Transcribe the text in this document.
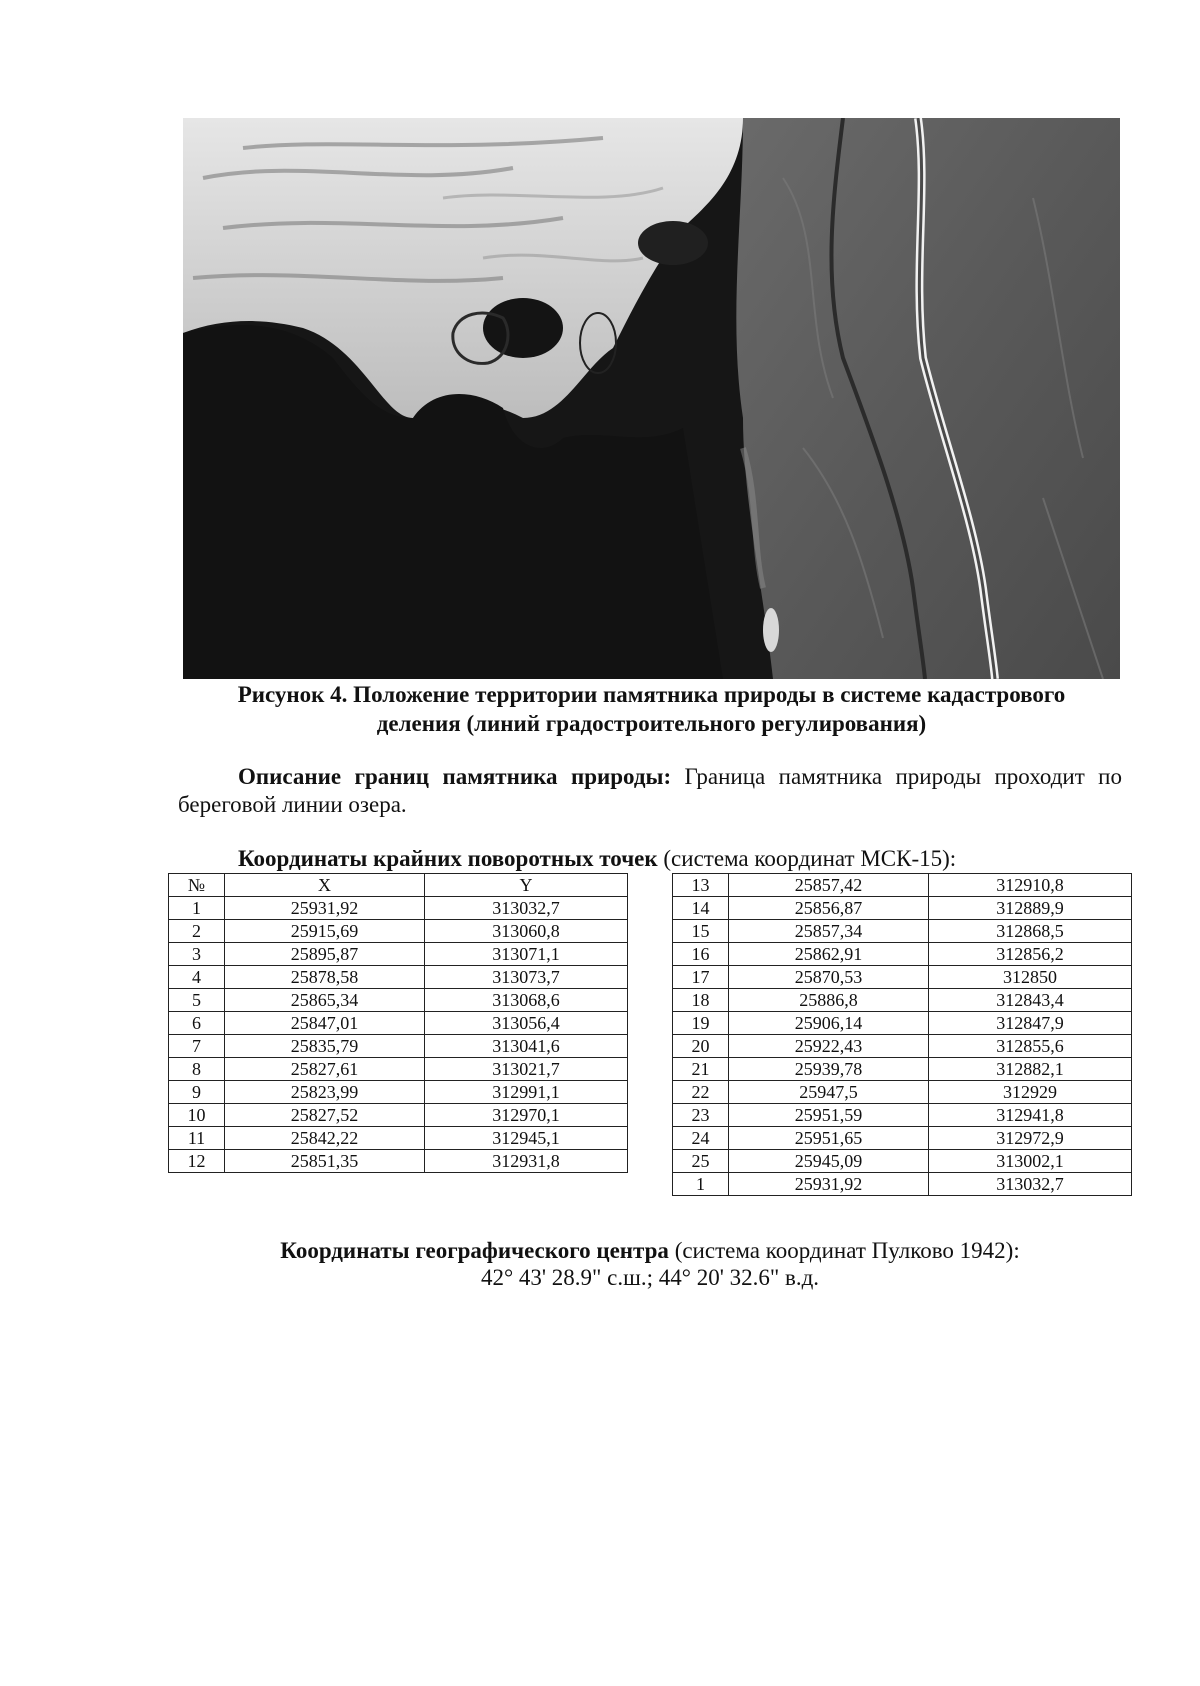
Рисунок 4. Положение территории памятника природы в системе кадастрового
деления (линий градостроительного регулирования)
Описание границ памятника природы: Граница памятника природы проходит по береговой линии озера.
Координаты крайних поворотных точек (система координат МСК-15):
№	X	Y
1	25931,92	313032,7
2	25915,69	313060,8
3	25895,87	313071,1
4	25878,58	313073,7
5	25865,34	313068,6
6	25847,01	313056,4
7	25835,79	313041,6
8	25827,61	313021,7
9	25823,99	312991,1
10	25827,52	312970,1
11	25842,22	312945,1
12	25851,35	312931,8
13	25857,42	312910,8
14	25856,87	312889,9
15	25857,34	312868,5
16	25862,91	312856,2
17	25870,53	312850
18	25886,8	312843,4
19	25906,14	312847,9
20	25922,43	312855,6
21	25939,78	312882,1
22	25947,5	312929
23	25951,59	312941,8
24	25951,65	312972,9
25	25945,09	313002,1
1	25931,92	313032,7
Координаты географического центра (система координат Пулково 1942):
42° 43' 28.9" с.ш.; 44° 20' 32.6" в.д.
